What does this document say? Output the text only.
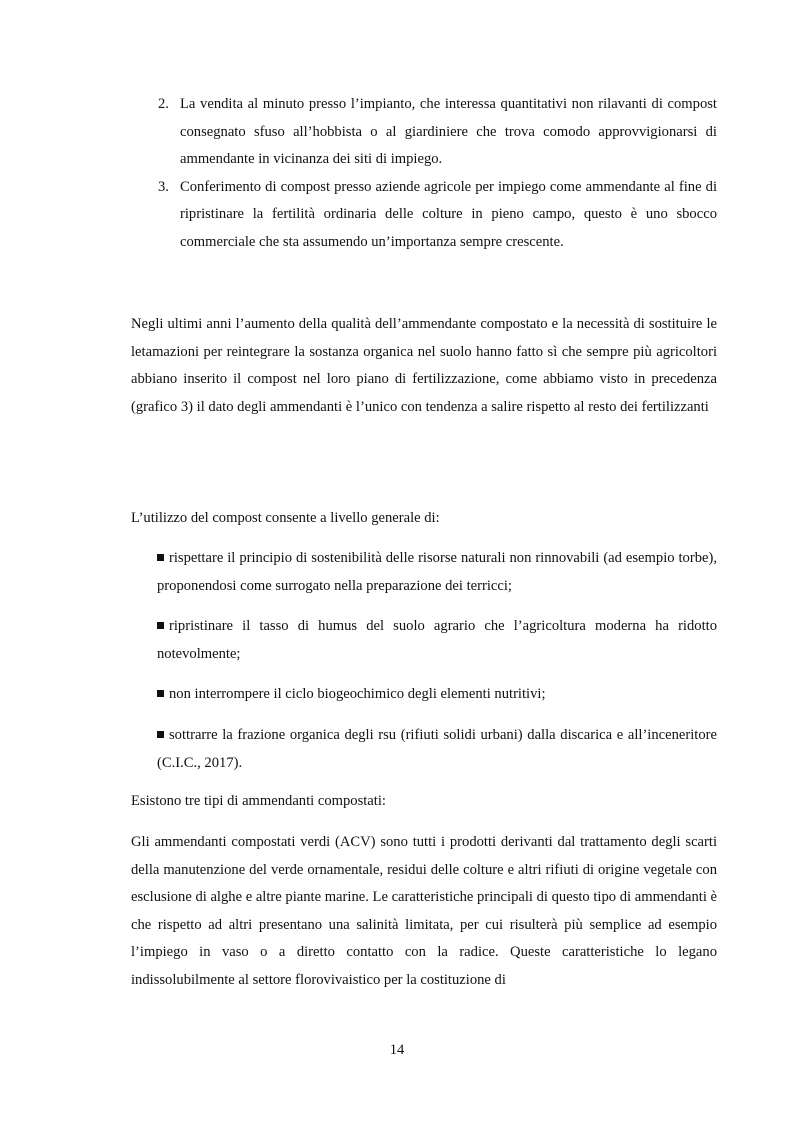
2. La vendita al minuto presso l’impianto, che interessa quantitativi non rilavanti di compost consegnato sfuso all’hobbista o al giardiniere che trova comodo approvvigionarsi di ammendante in vicinanza dei siti di impiego.
3. Conferimento di compost presso aziende agricole per impiego come ammendante al fine di ripristinare la fertilità ordinaria delle colture in pieno campo, questo è uno sbocco commerciale che sta assumendo un’importanza sempre crescente.

Negli ultimi anni l’aumento della qualità dell’ammendante compostato e la necessità di sostituire le letamazioni per reintegrare la sostanza organica nel suolo hanno fatto sì che sempre più agricoltori abbiano inserito il compost nel loro piano di fertilizzazione, come abbiamo visto in precedenza (grafico 3) il dato degli ammendanti è l’unico con tendenza a salire rispetto al resto dei fertilizzanti

L’utilizzo del compost consente a livello generale di:

rispettare il principio di sostenibilità delle risorse naturali non rinnovabili (ad esempio torbe), proponendosi come surrogato nella preparazione dei terricci;
ripristinare il tasso di humus del suolo agrario che l’agricoltura moderna ha ridotto notevolmente;
non interrompere il ciclo biogeochimico degli elementi nutritivi;
sottrarre la frazione organica degli rsu (rifiuti solidi urbani) dalla discarica e all’inceneritore (C.I.C., 2017).

Esistono tre tipi di ammendanti compostati:

Gli ammendanti compostati verdi (ACV) sono tutti i prodotti derivanti dal trattamento degli scarti della manutenzione del verde ornamentale, residui delle colture e altri rifiuti di origine vegetale con esclusione di alghe e altre piante marine. Le caratteristiche principali di questo tipo di ammendanti è che rispetto ad altri presentano una salinità limitata, per cui risulterà più semplice ad esempio l’impiego in vaso o a diretto contatto con la radice. Queste caratteristiche lo legano indissolubilmente al settore florovivaistico per la costituzione di

14
